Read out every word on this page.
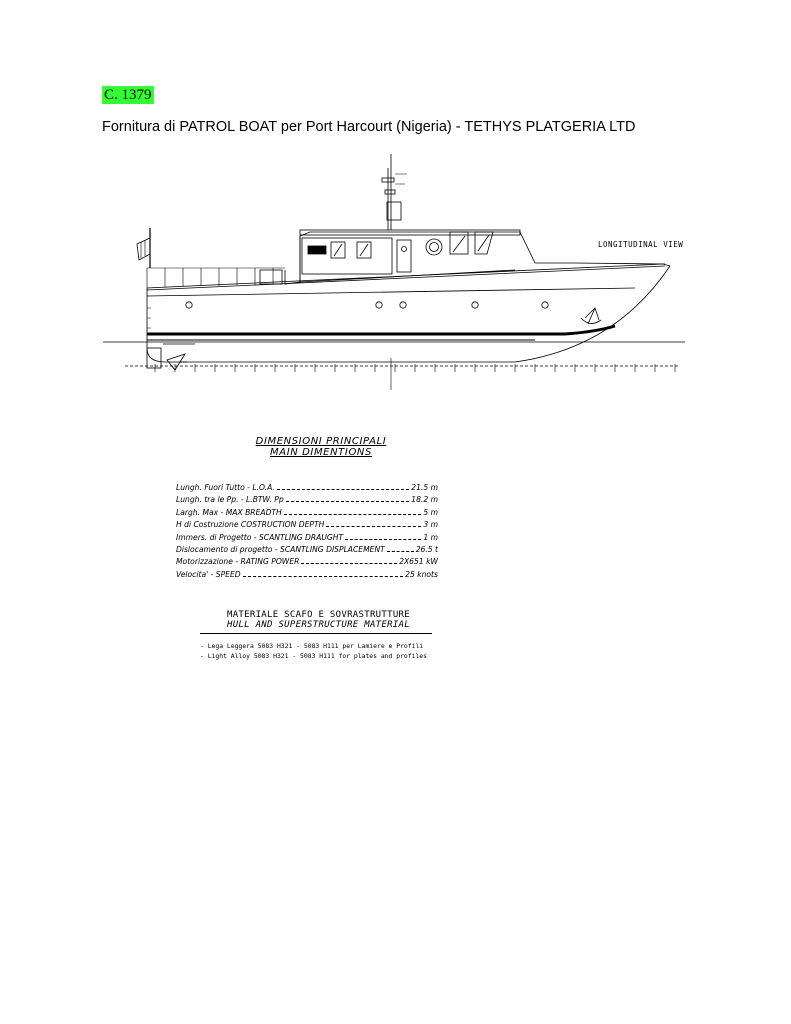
C. 1379
Fornitura di PATROL BOAT per Port Harcourt (Nigeria) - TETHYS PLATGERIA LTD
LONGITUDINAL VIEW
DIMENSIONI PRINCIPALI
MAIN DIMENTIONS
Lungh. Fuori Tutto - L.O.A.	21.5 m
Lungh. tra le Pp. - L.BTW. Pp	18.2 m
Largh. Max - MAX BREADTH	5 m
H di Costruzione COSTRUCTION DEPTH	3 m
Immers. di Progetto - SCANTLING DRAUGHT	1 m
Dislocamento di progetto - SCANTLING DISPLACEMENT	26.5 t
Motorizzazione - RATING POWER	2X651 kW
Velocita' - SPEED	25 knots
MATERIALE SCAFO E SOVRASTRUTTURE
HULL AND SUPERSTRUCTURE MATERIAL
- Lega Leggera 5083 H321 - 5083 H111 per Lamiere e Profili
- Light Alloy 5083 H321 - 5083 H111 for plates and profiles
